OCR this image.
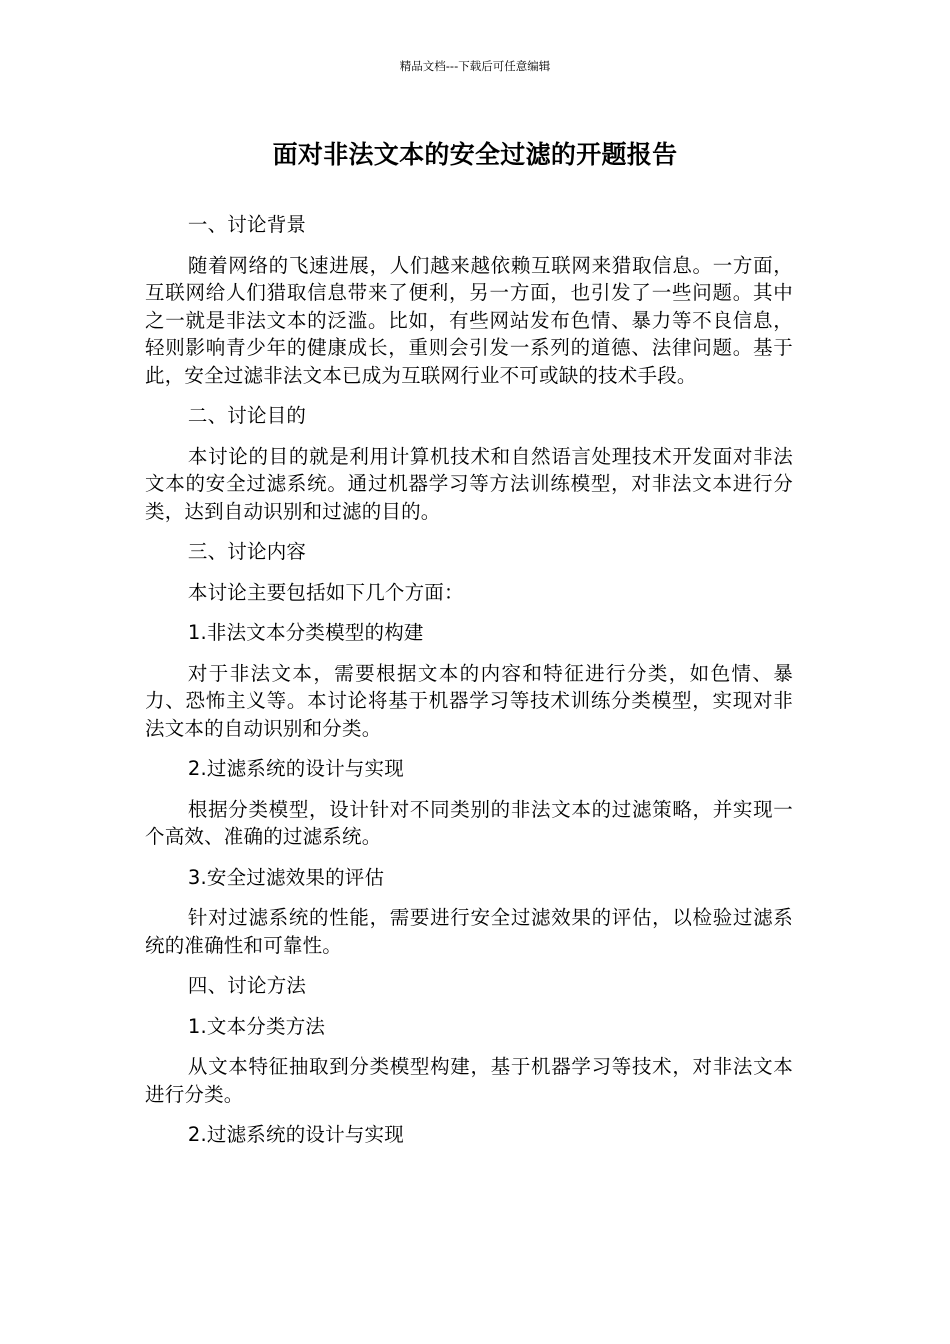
精品文档---下载后可任意编辑
面对非法文本的安全过滤的开题报告

一、讨论背景

随着网络的飞速进展，人们越来越依赖互联网来猎取信息。一方面，互联网给人们猎取信息带来了便利，另一方面，也引发了一些问题。其中之一就是非法文本的泛滥。比如，有些网站发布色情、暴力等不良信息，轻则影响青少年的健康成长，重则会引发一系列的道德、法律问题。基于此，安全过滤非法文本已成为互联网行业不可或缺的技术手段。

二、讨论目的

本讨论的目的就是利用计算机技术和自然语言处理技术开发面对非法文本的安全过滤系统。通过机器学习等方法训练模型，对非法文本进行分类，达到自动识别和过滤的目的。

三、讨论内容

本讨论主要包括如下几个方面：

1.非法文本分类模型的构建

对于非法文本，需要根据文本的内容和特征进行分类，如色情、暴力、恐怖主义等。本讨论将基于机器学习等技术训练分类模型，实现对非法文本的自动识别和分类。

2.过滤系统的设计与实现

根据分类模型，设计针对不同类别的非法文本的过滤策略，并实现一个高效、准确的过滤系统。

3.安全过滤效果的评估

针对过滤系统的性能，需要进行安全过滤效果的评估，以检验过滤系统的准确性和可靠性。

四、讨论方法

1.文本分类方法

从文本特征抽取到分类模型构建，基于机器学习等技术，对非法文本进行分类。

2.过滤系统的设计与实现
